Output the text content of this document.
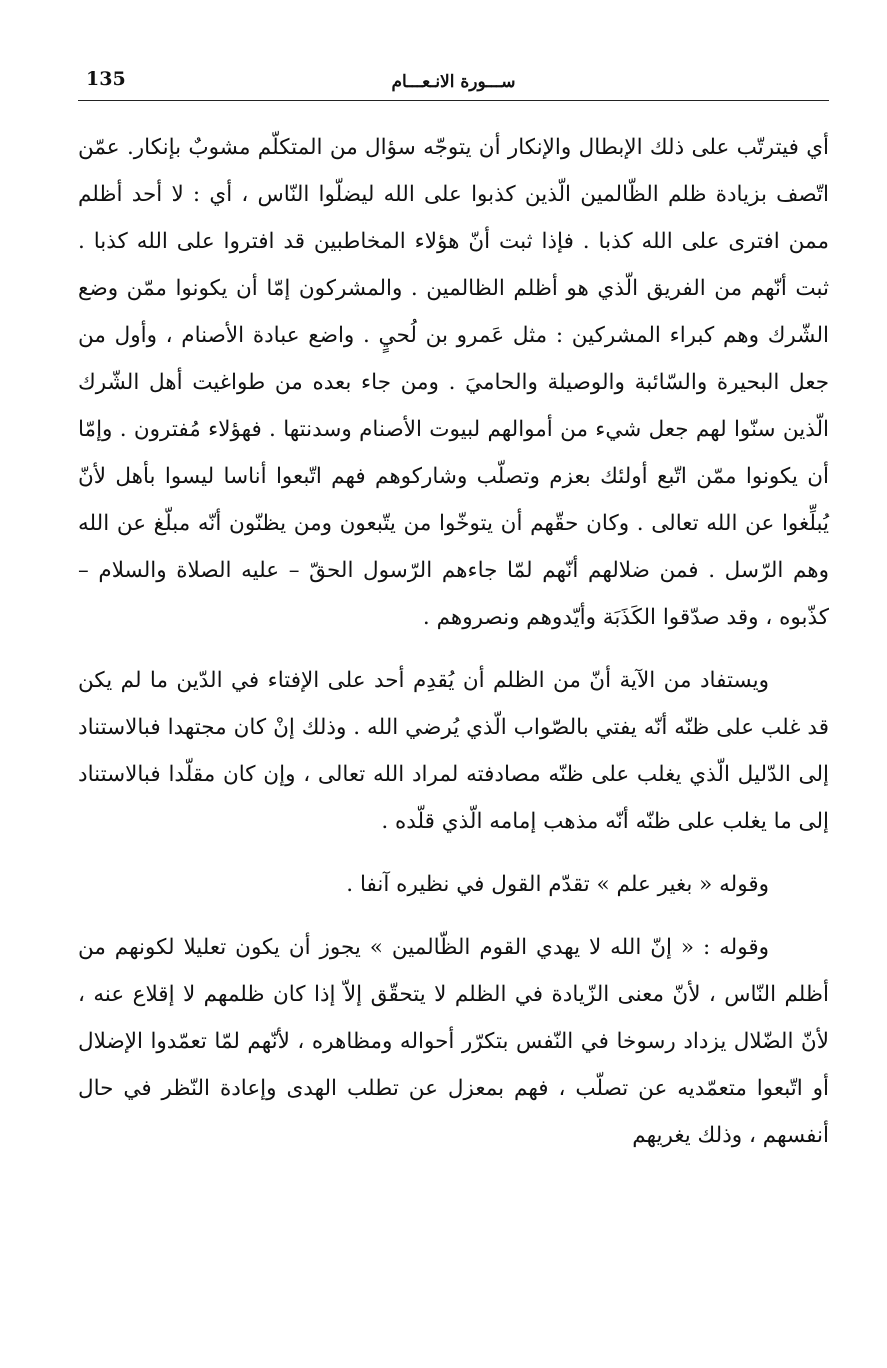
135	ســـورة الانـعـــام

أي فيترتّب على ذلك الإبطال والإنكار أن يتوجّه سؤال من المتكلّم مشوبٌ بإنكار. عمّن اتّصف بزيادة ظلم الظّالمين الّذين كذبوا على الله ليضلّوا النّاس ، أي : لا أحد أظلم ممن افترى على الله كذبا . فإذا ثبت أنّ هؤلاء المخاطبين قد افتروا على الله كذبا . ثبت أنّهم من الفريق الّذي هو أظلم الظالمين . والمشركون إمّا أن يكونوا ممّن وضع الشّرك وهم كبراء المشركين : مثل عَمرو بن لُحيٍ . واضع عبادة الأصنام ، وأول من جعل البحيرة والسّائبة والوصيلة والحاميَ . ومن جاء بعده من طواغيت أهل الشّرك الّذين سنّوا لهم جعل شيء من أموالهم لبيوت الأصنام وسدنتها . فهؤلاء مُفترون . وإمّا أن يكونوا ممّن اتّبع أولئك بعزم وتصلّب وشاركوهم فهم اتّبعوا أناسا ليسوا بأهل لأنّ يُبلِّغوا عن الله تعالى . وكان حقّهم أن يتوخّوا من يتّبعون ومن يظنّون أنّه مبلّغ عن الله وهم الرّسل . فمن ضلالهم أنّهم لمّا جاءهم الرّسول الحقّ – عليه الصلاة والسلام – كذّبوه ، وقد صدّقوا الكَذَبَة وأيّدوهم ونصروهم .

ويستفاد من الآية أنّ من الظلم أن يُقدِم أحد على الإفتاء في الدّين ما لم يكن قد غلب على ظنّه أنّه يفتي بالصّواب الّذي يُرضي الله . وذلك إنْ كان مجتهدا فبالاستناد إلى الدّليل الّذي يغلب على ظنّه مصادفته لمراد الله تعالى ، وإن كان مقلّدا فبالاستناد إلى ما يغلب على ظنّه أنّه مذهب إمامه الّذي قلّده .

وقوله « بغير علم » تقدّم القول في نظيره آنفا .

وقوله : « إنّ الله لا يهدي القوم الظّالمين » يجوز أن يكون تعليلا لكونهم من أظلم النّاس ، لأنّ معنى الزّيادة في الظلم لا يتحقّق إلاّ إذا كان ظلمهم لا إقلاع عنه ، لأنّ الضّلال يزداد رسوخا في النّفس بتكرّر أحواله ومظاهره ، لأنّهم لمّا تعمّدوا الإضلال أو اتّبعوا متعمّديه عن تصلّب ، فهم بمعزل عن تطلب الهدى وإعادة النّظر في حال أنفسهم ، وذلك يغريهم
